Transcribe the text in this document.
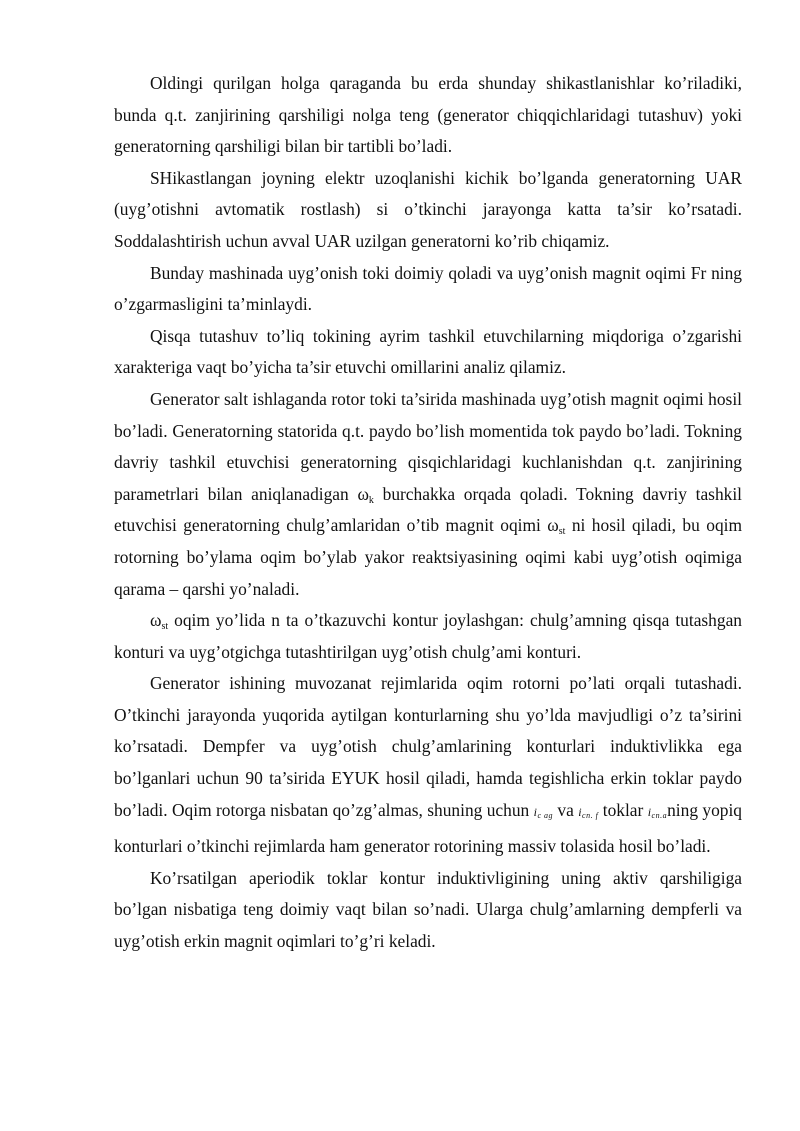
Oldingi qurilgan holga qaraganda bu erda shunday shikastlanishlar ko’riladiki, bunda q.t. zanjirining qarshiligi nolga teng (generator chiqqichlaridagi tutashuv) yoki generatorning qarshiligi bilan bir tartibli bo’ladi.

SHikastlangan joyning elektr uzoqlanishi kichik bo’lganda generatorning UAR (uyg’otishni avtomatik rostlash) si o’tkinchi jarayonga katta ta’sir ko’rsatadi. Soddalashtirish uchun avval UAR uzilgan generatorni ko’rib chiqamiz.

Bunday mashinada uyg’onish toki doimiy qoladi va uyg’onish magnit oqimi Fr ning o’zgarmasligini ta’minlaydi.

Qisqa tutashuv to’liq tokining ayrim tashkil etuvchilarning miqdoriga o’zgarishi xarakteriga vaqt bo’yicha ta’sir etuvchi omillarini analiz qilamiz.

Generator salt ishlaganda rotor toki ta’sirida mashinada uyg’otish magnit oqimi hosil bo’ladi. Generatorning statorida q.t. paydo bo’lish momentida tok paydo bo’ladi. Tokning davriy tashkil etuvchisi generatorning qisqichlaridagi kuchlanishdan q.t. zanjirining parametrlari bilan aniqlanadigan $\omega_k$ burchakka orqada qoladi. Tokning davriy tashkil etuvchisi generatorning chulg’amlaridan o’tib magnit oqimi $\omega_{st}$ ni hosil qiladi, bu oqim rotorning bo’ylama oqim bo’ylab yakor reaktsiyasining oqimi kabi uyg’otish oqimiga qarama – qarshi yo’naladi.

$\omega_{st}$ oqim yo’lida n ta o’tkazuvchi kontur joylashgan: chulg’amning qisqa tutashgan konturi va uyg’otgichga tutashtirilgan uyg’otish chulg’ami konturi.

Generator ishining muvozanat rejimlarida oqim rotorni po’lati orqali tutashadi. O’tkinchi jarayonda yuqorida aytilgan konturlarning shu yo’lda mavjudligi o’z ta’sirini ko’rsatadi. Dempfer va uyg’otish chulg’amlarining konturlari induktivlikka ega bo’lganlari uchun 90 ta’sirida EYUK hosil qiladi, hamda tegishlicha erkin toklar paydo bo’ladi. Oqim rotorga nisbatan qo’zg’almas, shuning uchun ic ag va icn. f toklar icn.aning yopiq konturlari o’tkinchi rejimlarda ham generator rotorining massiv tolasida hosil bo’ladi.

Ko’rsatilgan aperiodik toklar kontur induktivligining uning aktiv qarshiligiga bo’lgan nisbatiga teng doimiy vaqt bilan so’nadi. Ularga chulg’amlarning dempferli va uyg’otish erkin magnit oqimlari to’g’ri keladi.
